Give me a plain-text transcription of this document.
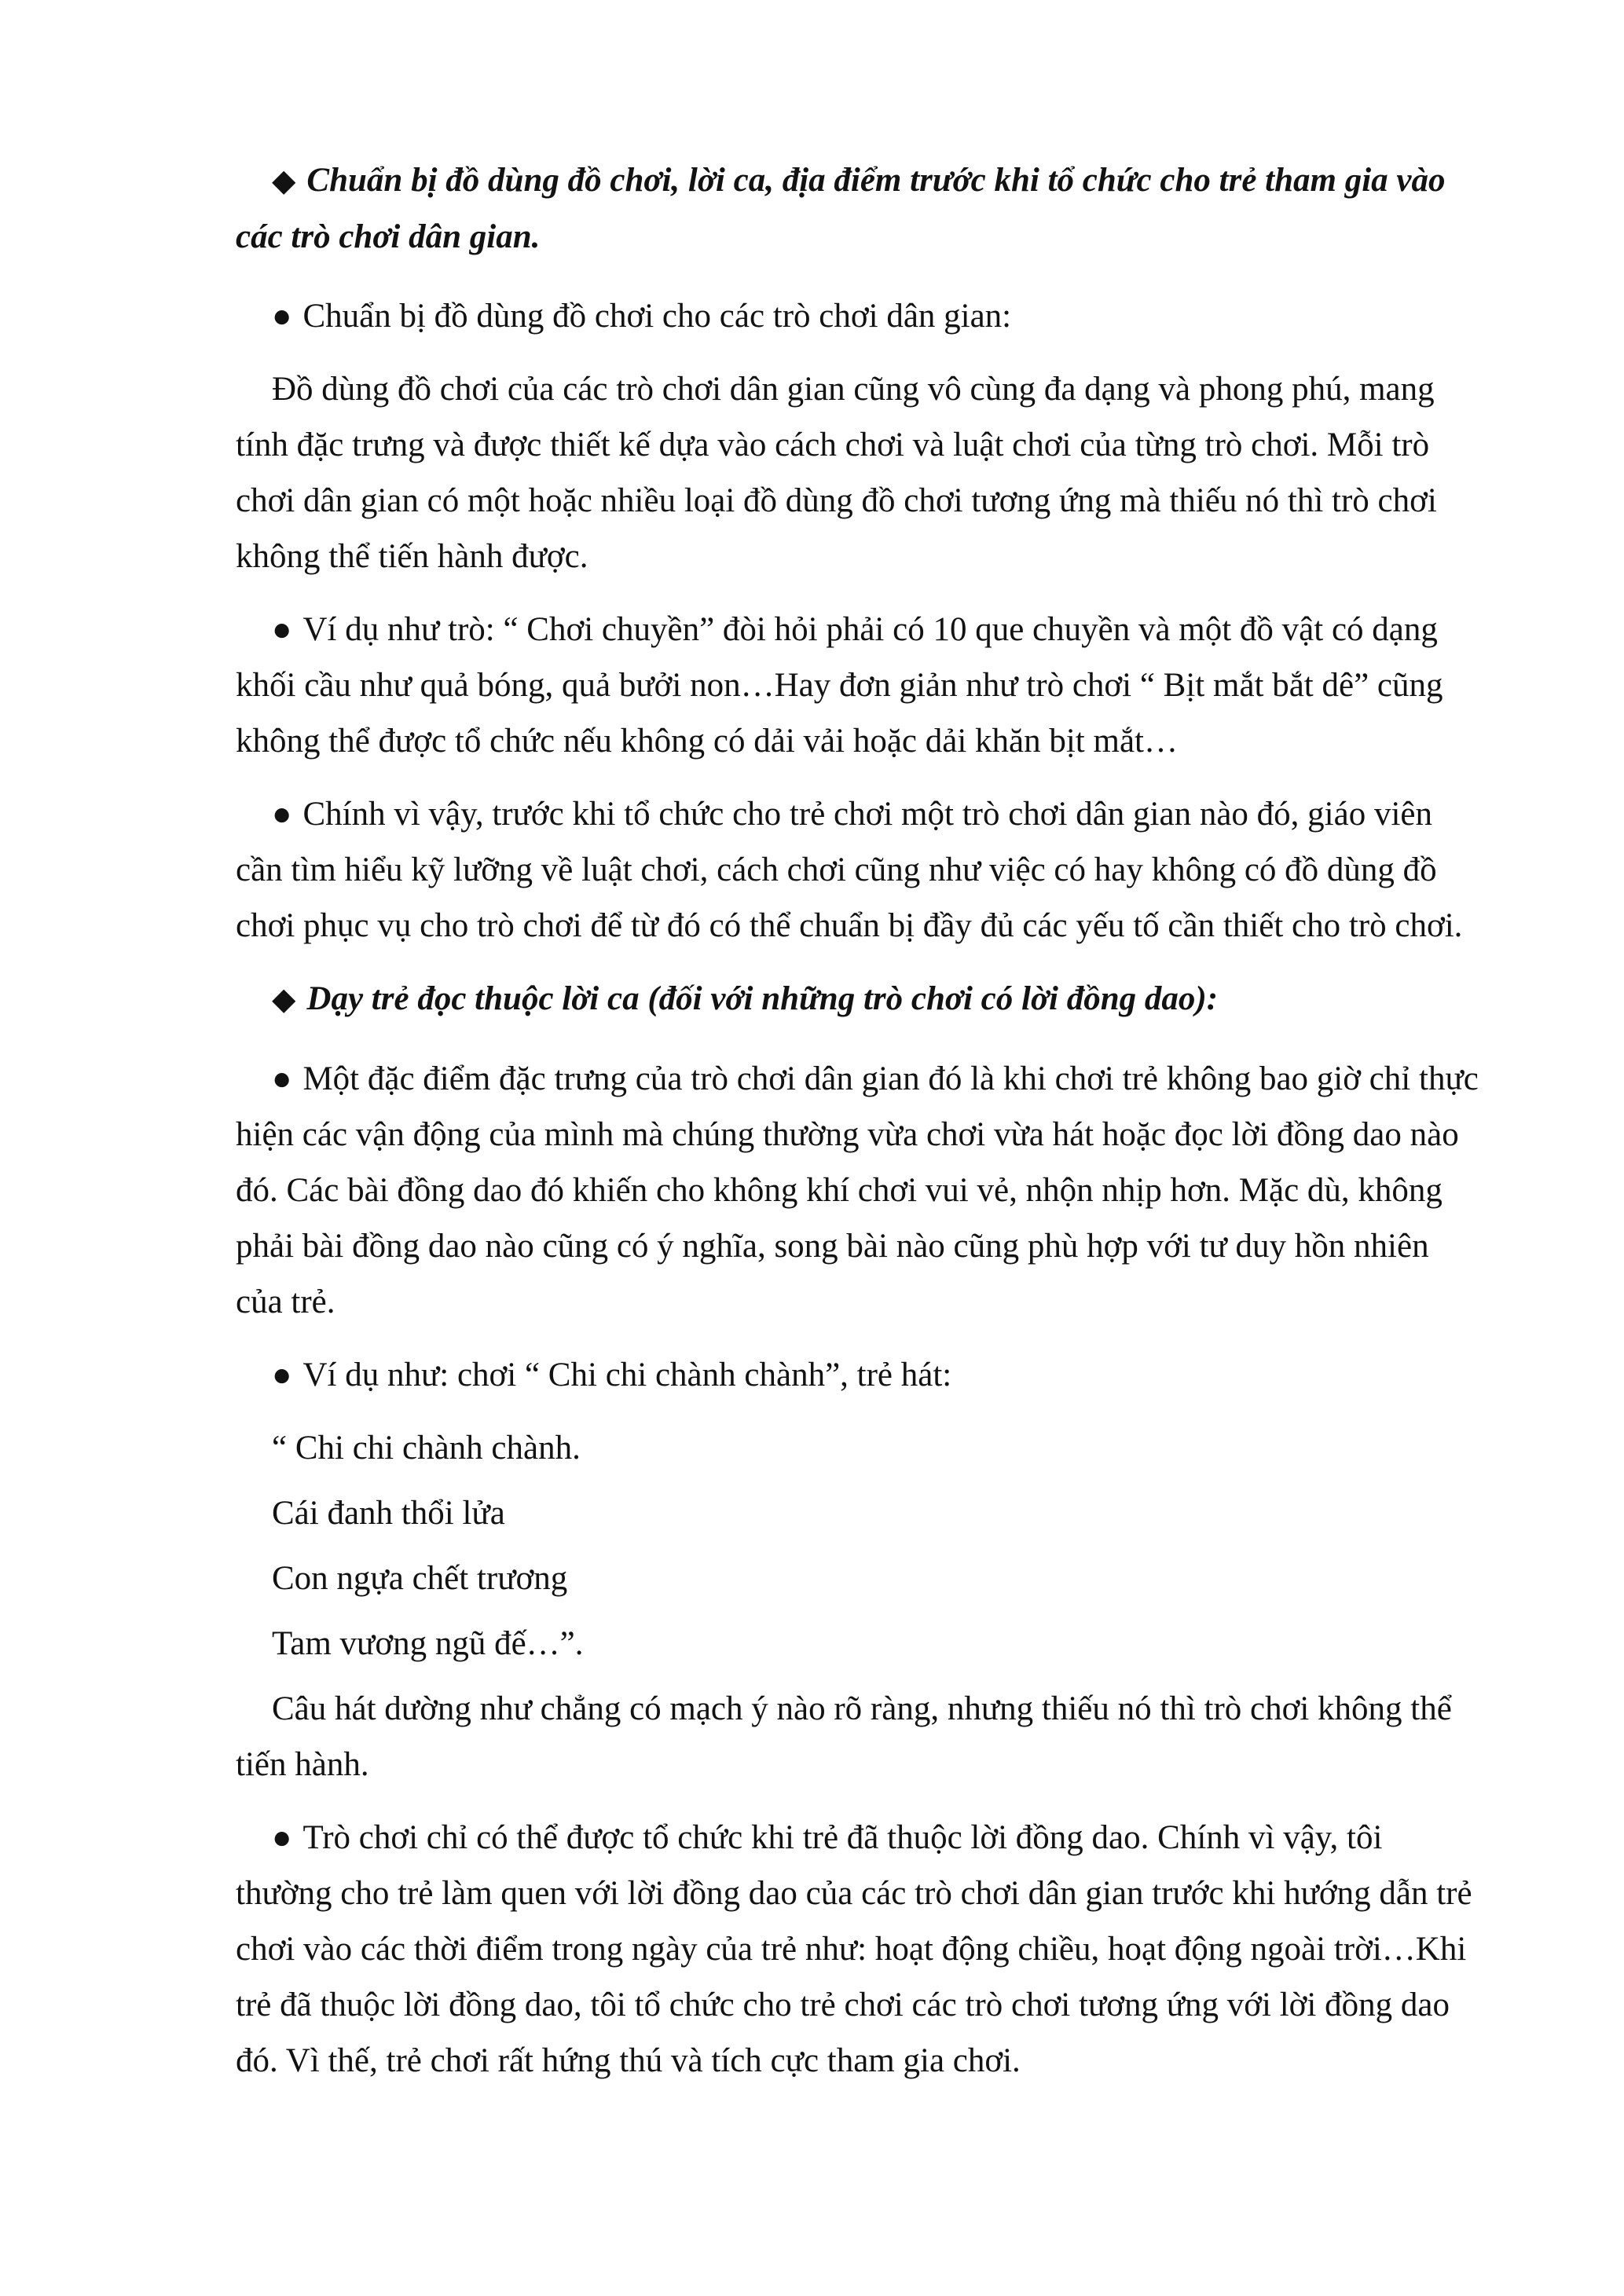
◆ Chuẩn bị đồ dùng đồ chơi, lời ca, địa điểm trước khi tổ chức cho trẻ tham gia vào các trò chơi dân gian.

● Chuẩn bị đồ dùng đồ chơi cho các trò chơi dân gian:

Đồ dùng đồ chơi của các trò chơi dân gian cũng vô cùng đa dạng và phong phú, mang tính đặc trưng và được thiết kế dựa vào cách chơi và luật chơi của từng trò chơi. Mỗi trò chơi dân gian có một hoặc nhiều loại đồ dùng đồ chơi tương ứng mà thiếu nó thì trò chơi không thể tiến hành được.

● Ví dụ như trò: “ Chơi chuyền” đòi hỏi phải có 10 que chuyền và một đồ vật có dạng khối cầu như quả bóng, quả bưởi non…Hay đơn giản như trò chơi “ Bịt mắt bắt dê” cũng không thể được tổ chức nếu không có dải vải hoặc dải khăn bịt mắt…

● Chính vì vậy, trước khi tổ chức cho trẻ chơi một trò chơi dân gian nào đó, giáo viên cần tìm hiểu kỹ lưỡng về luật chơi, cách chơi cũng như việc có hay không có đồ dùng đồ chơi phục vụ cho trò chơi để từ đó có thể chuẩn bị đầy đủ các yếu tố cần thiết cho trò chơi.

◆ Dạy trẻ đọc thuộc lời ca (đối với những trò chơi có lời đồng dao):

● Một đặc điểm đặc trưng của trò chơi dân gian đó là khi chơi trẻ không bao giờ chỉ thực hiện các vận động của mình mà chúng thường vừa chơi vừa hát hoặc đọc lời đồng dao nào đó. Các bài đồng dao đó khiến cho không khí chơi vui vẻ, nhộn nhịp hơn. Mặc dù, không phải bài đồng dao nào cũng có ý nghĩa, song bài nào cũng phù hợp với tư duy hồn nhiên của trẻ.

● Ví dụ như: chơi “ Chi chi chành chành”, trẻ hát:

“ Chi chi chành chành.

Cái đanh thổi lửa

Con ngựa chết trương

Tam vương ngũ đế…”.

Câu hát dường như chẳng có mạch ý nào rõ ràng, nhưng thiếu nó thì trò chơi không thể tiến hành.

● Trò chơi chỉ có thể được tổ chức khi trẻ đã thuộc lời đồng dao. Chính vì vậy, tôi thường cho trẻ làm quen với lời đồng dao của các trò chơi dân gian trước khi hướng dẫn trẻ chơi vào các thời điểm trong ngày của trẻ như: hoạt động chiều, hoạt động ngoài trời…Khi trẻ đã thuộc lời đồng dao, tôi tổ chức cho trẻ chơi các trò chơi tương ứng với lời đồng dao đó. Vì thế, trẻ chơi rất hứng thú và tích cực tham gia chơi.
